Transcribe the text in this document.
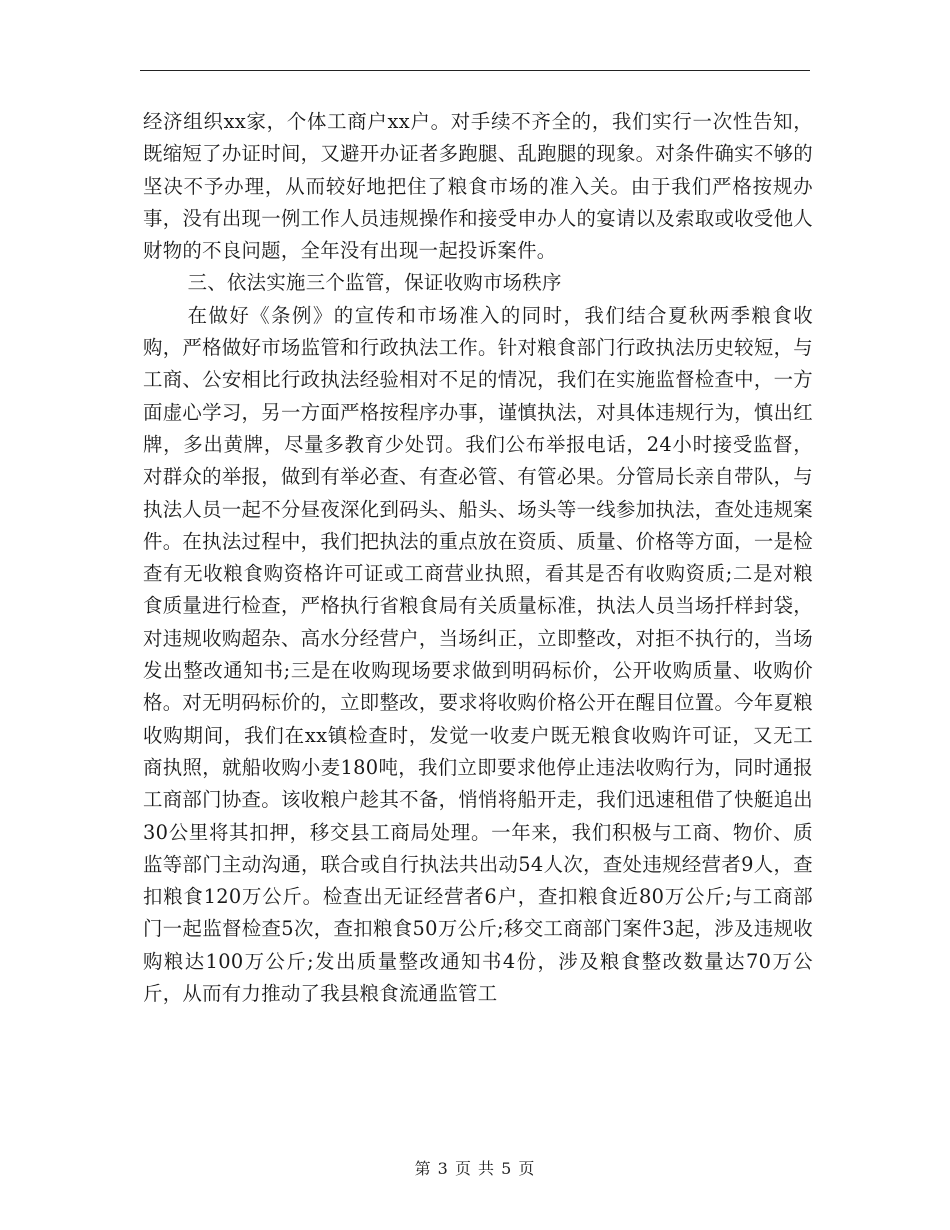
经济组织xx家，个体工商户xx户。对手续不齐全的，我们实行一次性告知，既缩短了办证时间，又避开办证者多跑腿、乱跑腿的现象。对条件确实不够的坚决不予办理，从而较好地把住了粮食市场的准入关。由于我们严格按规办事，没有出现一例工作人员违规操作和接受申办人的宴请以及索取或收受他人财物的不良问题，全年没有出现一起投诉案件。

三、依法实施三个监管，保证收购市场秩序

在做好《条例》的宣传和市场准入的同时，我们结合夏秋两季粮食收购，严格做好市场监管和行政执法工作。针对粮食部门行政执法历史较短，与工商、公安相比行政执法经验相对不足的情况，我们在实施监督检查中，一方面虚心学习，另一方面严格按程序办事，谨慎执法，对具体违规行为，慎出红牌，多出黄牌，尽量多教育少处罚。我们公布举报电话，24小时接受监督，对群众的举报，做到有举必查、有查必管、有管必果。分管局长亲自带队，与执法人员一起不分昼夜深化到码头、船头、场头等一线参加执法，查处违规案件。在执法过程中，我们把执法的重点放在资质、质量、价格等方面，一是检查有无收粮食购资格许可证或工商营业执照，看其是否有收购资质;二是对粮食质量进行检查，严格执行省粮食局有关质量标准，执法人员当场扦样封袋，对违规收购超杂、高水分经营户，当场纠正，立即整改，对拒不执行的，当场发出整改通知书;三是在收购现场要求做到明码标价，公开收购质量、收购价格。对无明码标价的，立即整改，要求将收购价格公开在醒目位置。今年夏粮收购期间，我们在xx镇检查时，发觉一收麦户既无粮食收购许可证，又无工商执照，就船收购小麦180吨，我们立即要求他停止违法收购行为，同时通报工商部门协查。该收粮户趁其不备，悄悄将船开走，我们迅速租借了快艇追出30公里将其扣押，移交县工商局处理。一年来，我们积极与工商、物价、质监等部门主动沟通，联合或自行执法共出动54人次，查处违规经营者9人，查扣粮食120万公斤。检查出无证经营者6户，查扣粮食近80万公斤;与工商部门一起监督检查5次，查扣粮食50万公斤;移交工商部门案件3起，涉及违规收购粮达100万公斤;发出质量整改通知书4份，涉及粮食整改数量达70万公斤，从而有力推动了我县粮食流通监管工

第 3 页 共 5 页
